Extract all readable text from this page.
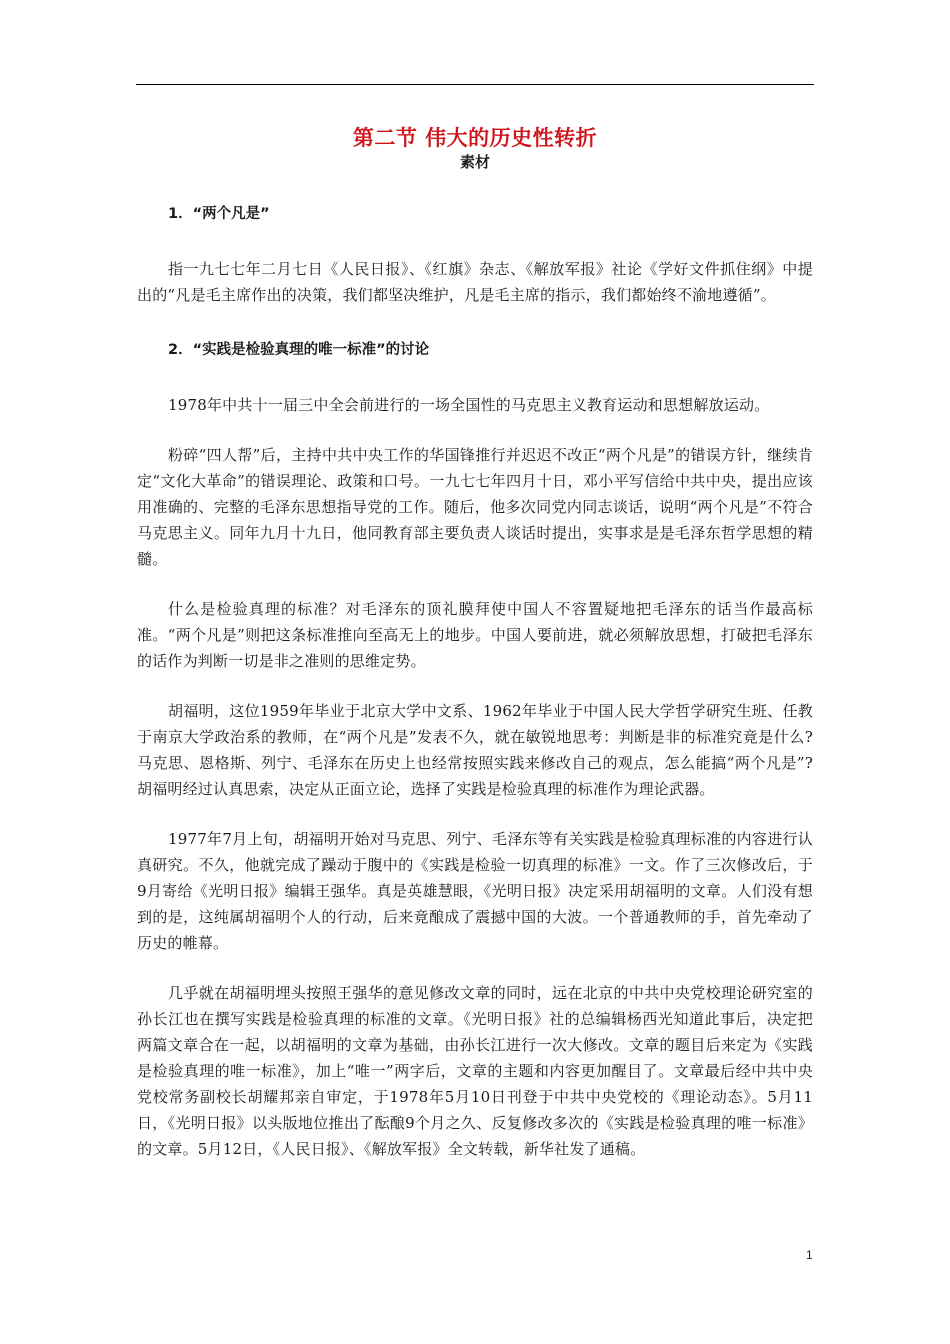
第二节 伟大的历史性转折
素材

1．“两个凡是”

指一九七七年二月七日《人民日报》、《红旗》杂志、《解放军报》社论《学好文件抓住纲》中提出的“凡是毛主席作出的决策，我们都坚决维护，凡是毛主席的指示，我们都始终不渝地遵循”。

2．“实践是检验真理的唯一标准”的讨论

1978年中共十一届三中全会前进行的一场全国性的马克思主义教育运动和思想解放运动。

粉碎“四人帮”后，主持中共中央工作的华国锋推行并迟迟不改正“两个凡是”的错误方针，继续肯定“文化大革命”的错误理论、政策和口号。一九七七年四月十日，邓小平写信给中共中央，提出应该用准确的、完整的毛泽东思想指导党的工作。随后，他多次同党内同志谈话，说明“两个凡是”不符合马克思主义。同年九月十九日，他同教育部主要负责人谈话时提出，实事求是是毛泽东哲学思想的精髓。

什么是检验真理的标准？对毛泽东的顶礼膜拜使中国人不容置疑地把毛泽东的话当作最高标准。“两个凡是”则把这条标准推向至高无上的地步。中国人要前进，就必须解放思想，打破把毛泽东的话作为判断一切是非之准则的思维定势。

胡福明，这位1959年毕业于北京大学中文系、1962年毕业于中国人民大学哲学研究生班、任教于南京大学政治系的教师，在“两个凡是”发表不久，就在敏锐地思考：判断是非的标准究竟是什么?马克思、恩格斯、列宁、毛泽东在历史上也经常按照实践来修改自己的观点，怎么能搞“两个凡是”?胡福明经过认真思索，决定从正面立论，选择了实践是检验真理的标准作为理论武器。

1977年7月上旬，胡福明开始对马克思、列宁、毛泽东等有关实践是检验真理标准的内容进行认真研究。不久，他就完成了躁动于腹中的《实践是检验一切真理的标准》一文。作了三次修改后，于9月寄给《光明日报》编辑王强华。真是英雄慧眼，《光明日报》决定采用胡福明的文章。人们没有想到的是，这纯属胡福明个人的行动，后来竟酿成了震撼中国的大波。一个普通教师的手，首先牵动了历史的帷幕。

几乎就在胡福明埋头按照王强华的意见修改文章的同时，远在北京的中共中央党校理论研究室的孙长江也在撰写实践是检验真理的标准的文章。《光明日报》社的总编辑杨西光知道此事后，决定把两篇文章合在一起，以胡福明的文章为基础，由孙长江进行一次大修改。文章的题目后来定为《实践是检验真理的唯一标准》，加上“唯一”两字后，文章的主题和内容更加醒目了。文章最后经中共中央党校常务副校长胡耀邦亲自审定，于1978年5月10日刊登于中共中央党校的《理论动态》。5月11日，《光明日报》以头版地位推出了酝酿9个月之久、反复修改多次的《实践是检验真理的唯一标准》的文章。5月12日，《人民日报》、《解放军报》全文转载，新华社发了通稿。

1
